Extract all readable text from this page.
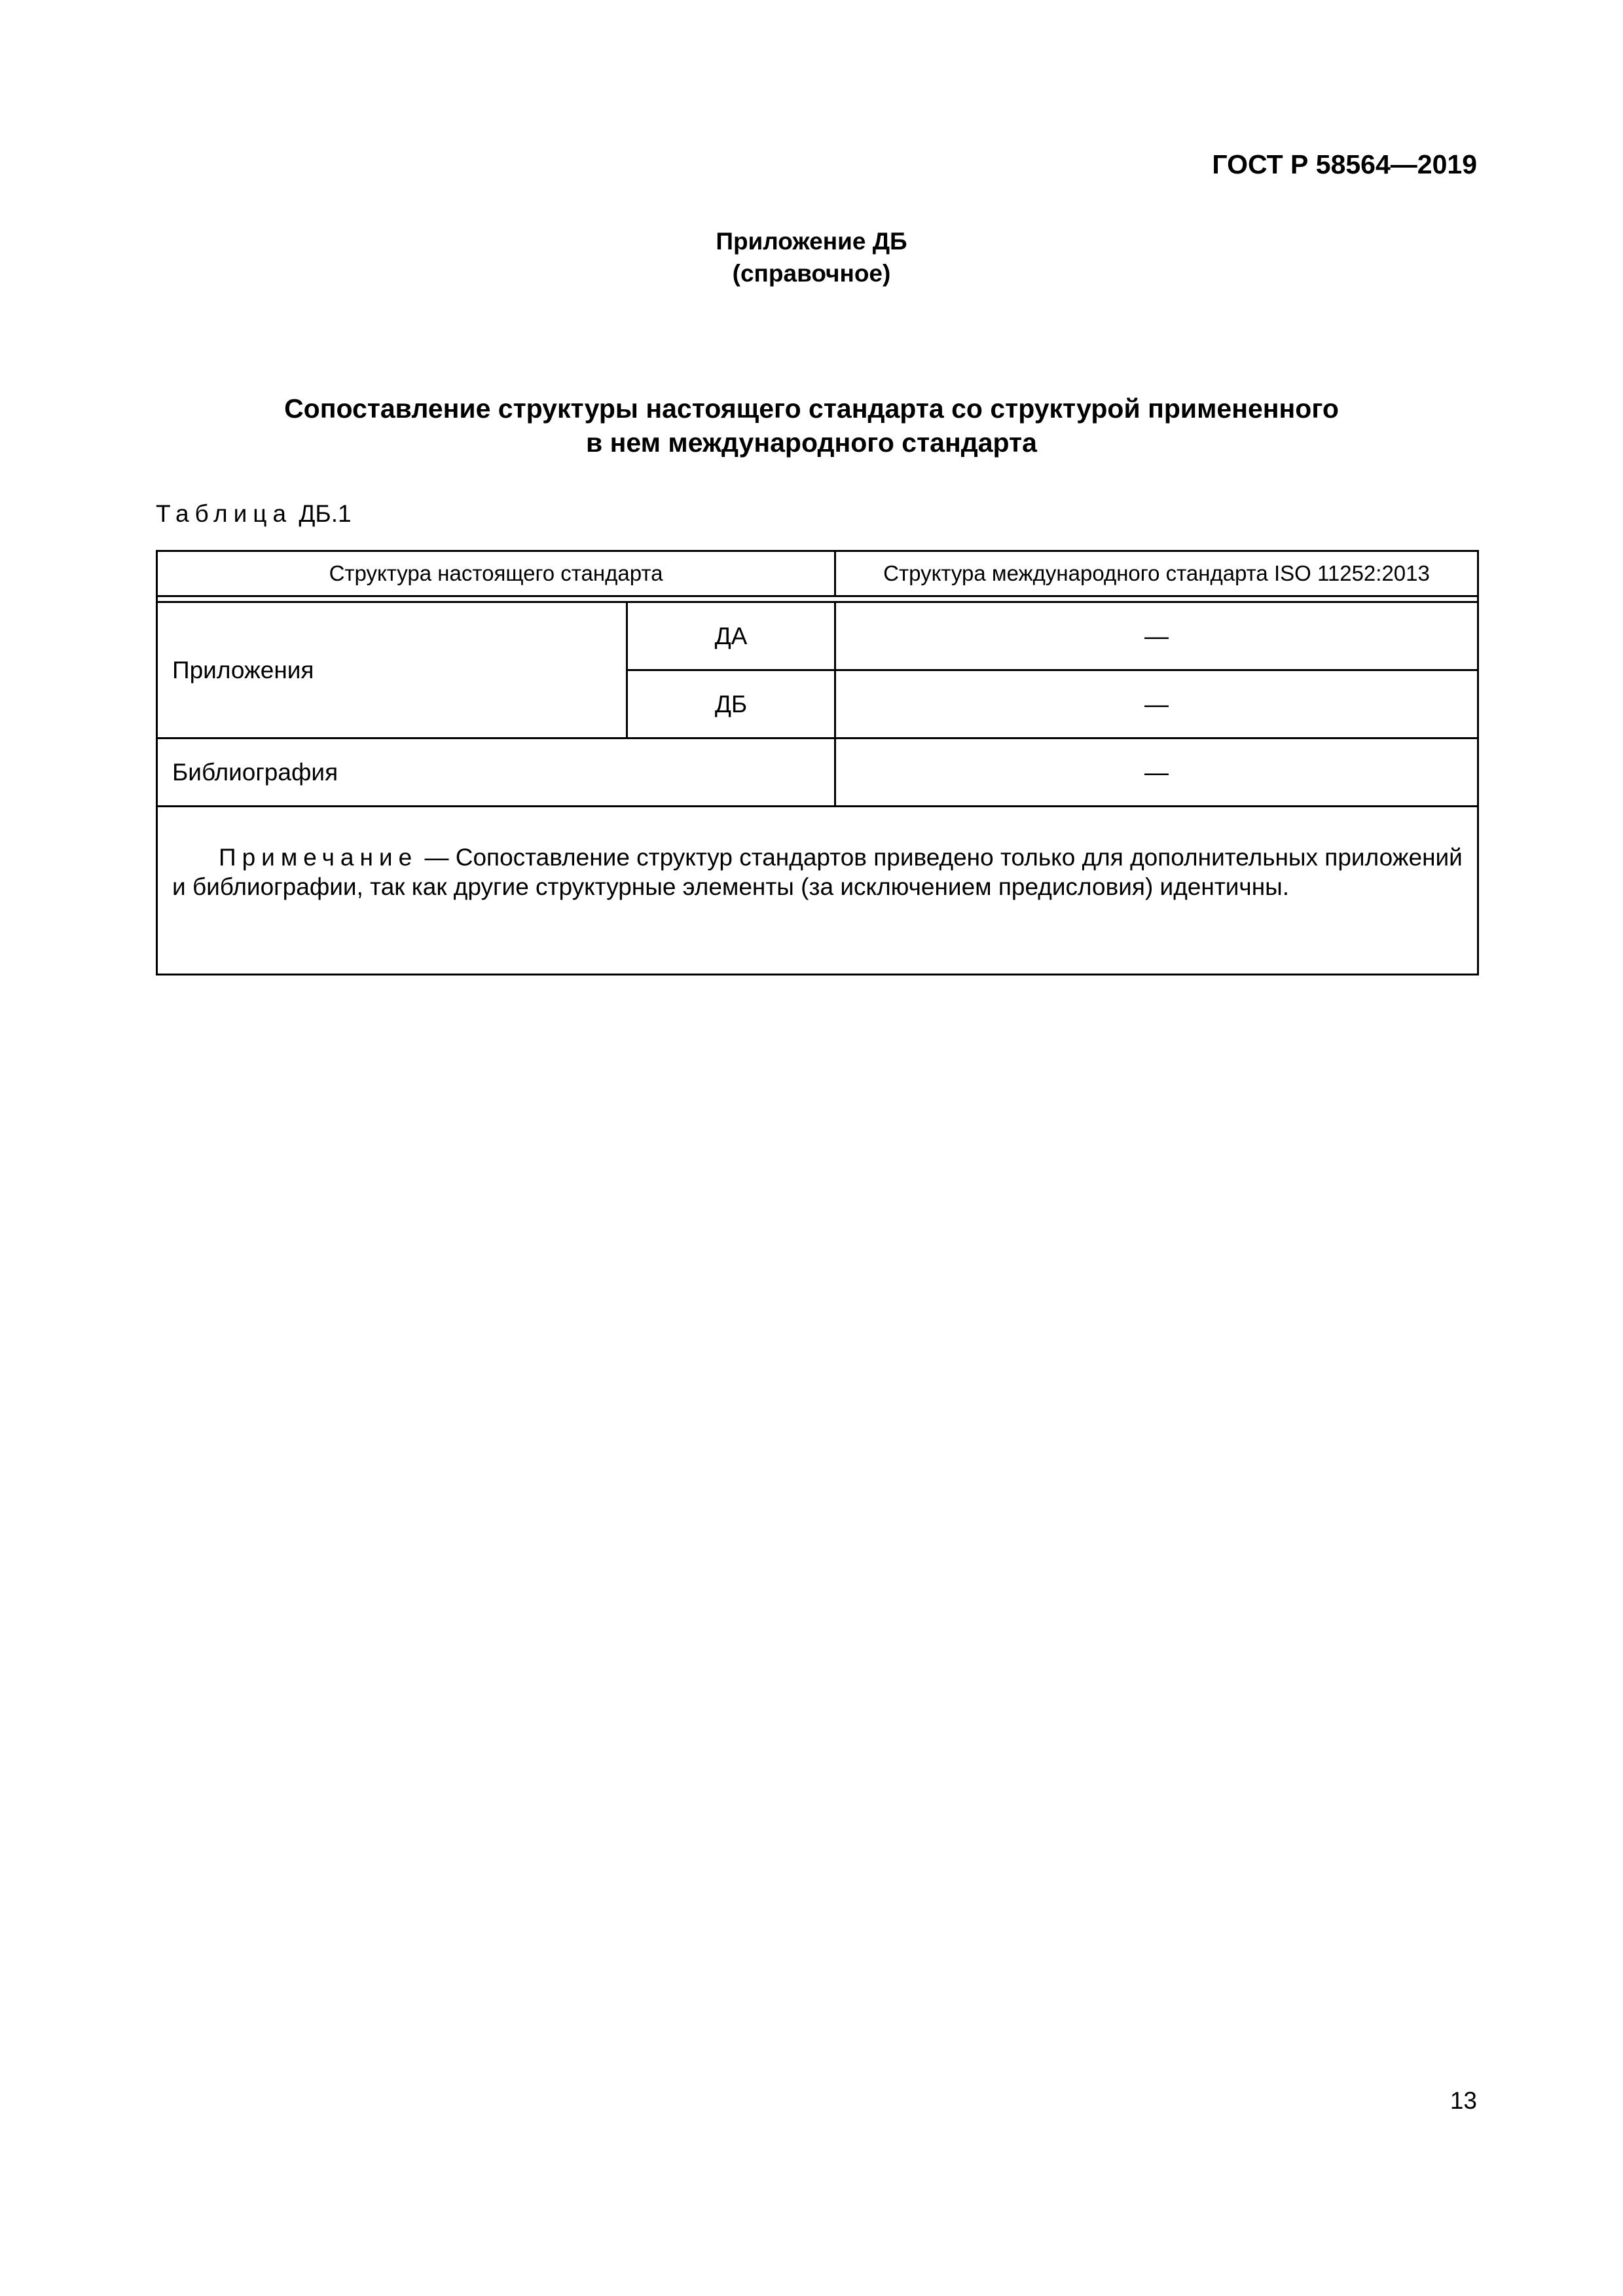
ГОСТ Р 58564—2019
Приложение ДБ
(справочное)
Сопоставление структуры настоящего стандарта со структурой примененного
в нем международного стандарта
Таблица ДБ.1
Структура настоящего стандарта		Структура международного стандарта ISO 11252:2013

Приложения	ДА	—
	ДБ	—
Библиография		—
Примечание — Сопоставление структур стандартов приведено только для дополнительных приложений и библиографии, так как другие структурные элементы (за исключением предисловия) идентичны.		
13
